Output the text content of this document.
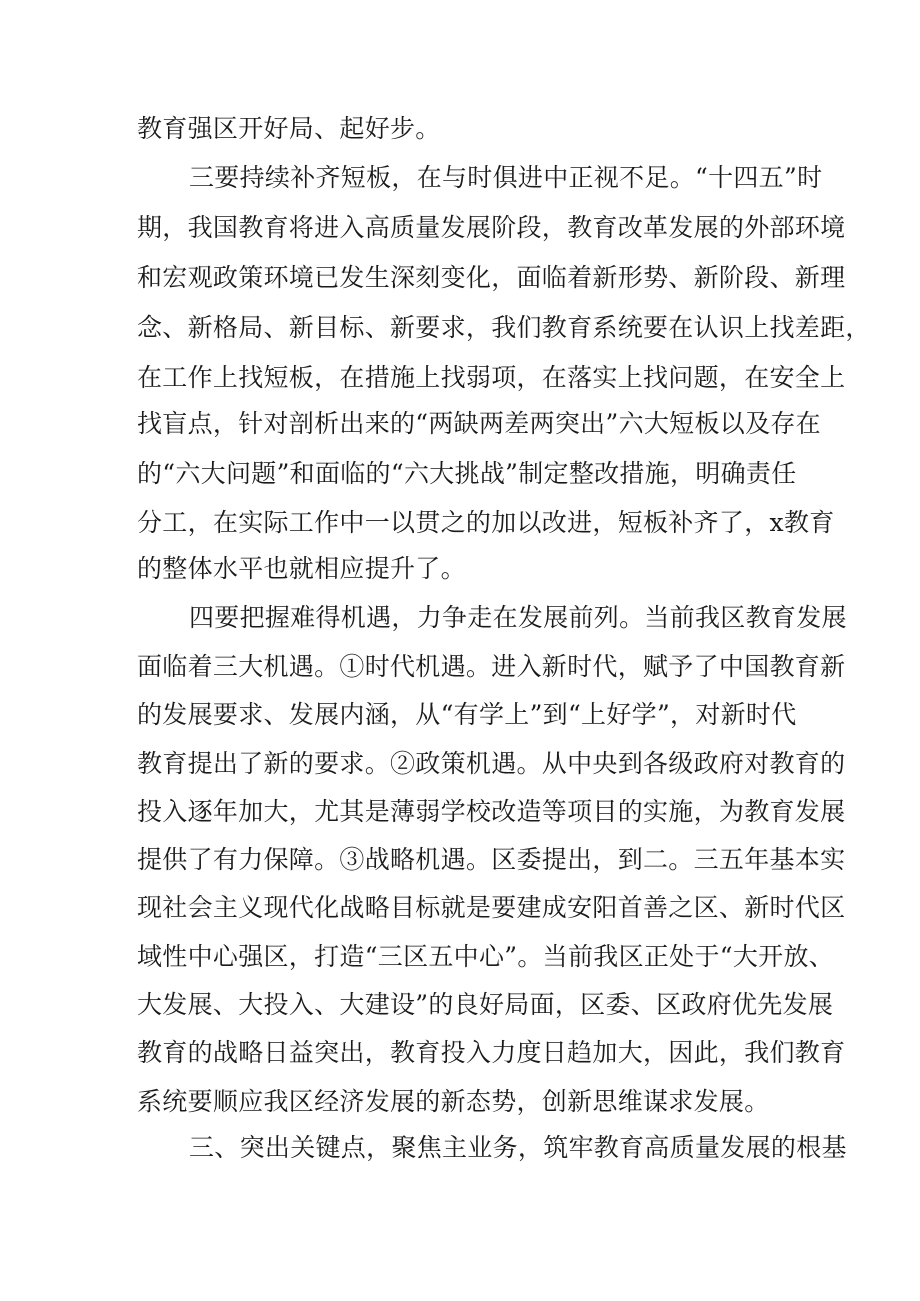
教育强区开好局、起好步。
三要持续补齐短板，在与时俱进中正视不足。“十四五”时
期，我国教育将进入高质量发展阶段，教育改革发展的外部环境
和宏观政策环境已发生深刻变化，面临着新形势、新阶段、新理
念、新格局、新目标、新要求，我们教育系统要在认识上找差距，
在工作上找短板，在措施上找弱项，在落实上找问题，在安全上
找盲点，针对剖析出来的“两缺两差两突出”六大短板以及存在
的“六大问题”和面临的“六大挑战”制定整改措施，明确责任
分工，在实际工作中一以贯之的加以改进，短板补齐了，x教育
的整体水平也就相应提升了。
四要把握难得机遇，力争走在发展前列。当前我区教育发展
面临着三大机遇。①时代机遇。进入新时代，赋予了中国教育新
的发展要求、发展内涵，从“有学上”到“上好学”，对新时代
教育提出了新的要求。②政策机遇。从中央到各级政府对教育的
投入逐年加大，尤其是薄弱学校改造等项目的实施，为教育发展
提供了有力保障。③战略机遇。区委提出，到二。三五年基本实
现社会主义现代化战略目标就是要建成安阳首善之区、新时代区
域性中心强区，打造“三区五中心”。当前我区正处于“大开放、
大发展、大投入、大建设”的良好局面，区委、区政府优先发展
教育的战略日益突出，教育投入力度日趋加大，因此，我们教育
系统要顺应我区经济发展的新态势，创新思维谋求发展。
三、突出关键点，聚焦主业务，筑牢教育高质量发展的根基
